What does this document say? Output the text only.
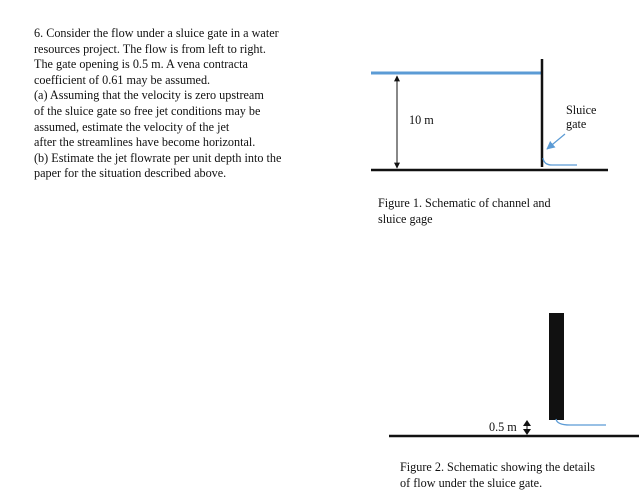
6. Consider the flow under a sluice gate in a water
resources project. The flow is from left to right.
The gate opening is 0.5 m. A vena contracta
coefficient of 0.61 may be assumed.
(a) Assuming that the velocity is zero upstream
of the sluice gate so free jet conditions may be
assumed, estimate the velocity of the jet
after the streamlines have become horizontal.
(b) Estimate the jet flowrate per unit depth into the
paper for the situation described above.
10 m
Sluice
gate
Figure 1. Schematic of channel and
sluice gage
0.5 m
Figure 2. Schematic showing the details
of flow under the sluice gate.
